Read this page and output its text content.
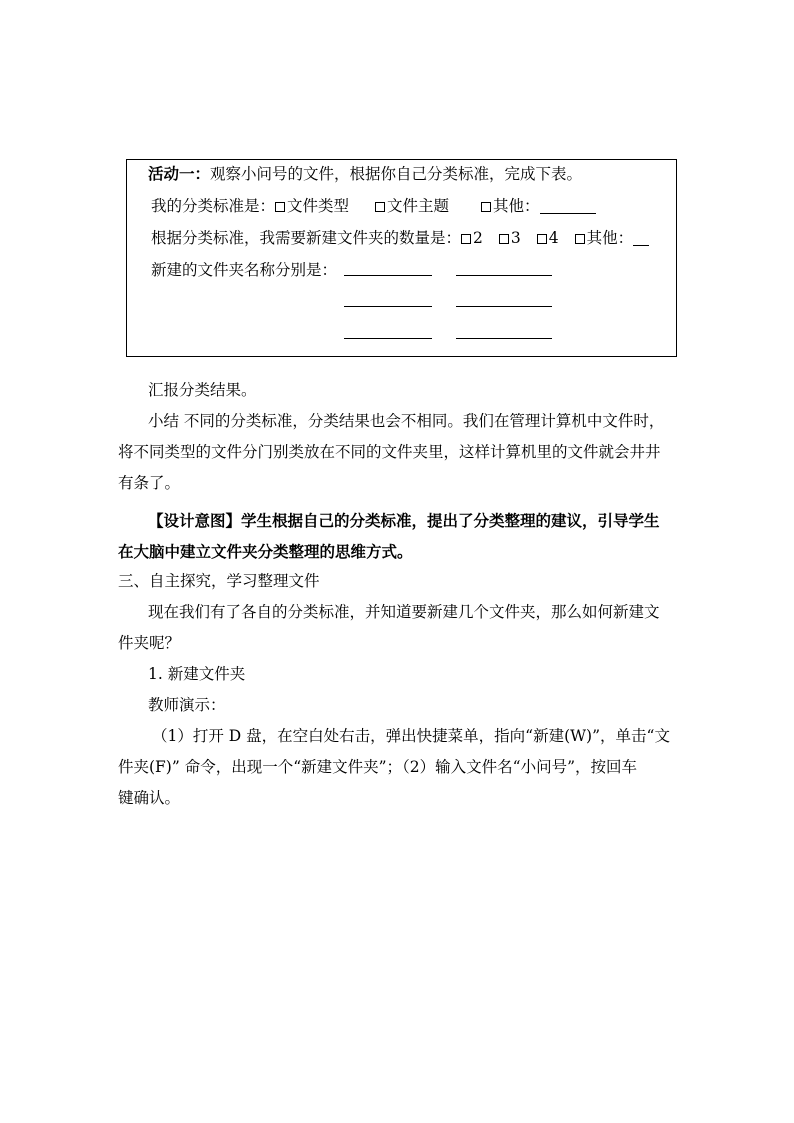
活动一：观察小问号的文件，根据你自己分类标准，完成下表。
我的分类标准是： 文件类型 文件主题	其他：
根据分类标准，我需要新建文件夹的数量是： 2 3 4 其他：
新建的文件夹名称分别是：
汇报分类结果。
小结 不同的分类标准，分类结果也会不相同。我们在管理计算机中文件时，
将不同类型的文件分门别类放在不同的文件夹里，这样计算机里的文件就会井井
有条了。
【设计意图】学生根据自己的分类标准，提出了分类整理的建议，引导学生
在大脑中建立文件夹分类整理的思维方式。
三、自主探究，学习整理文件
现在我们有了各自的分类标准，并知道要新建几个文件夹，那么如何新建文
件夹呢？
1. 新建文件夹
教师演示：
（1）打开 D 盘，在空白处右击，弹出快捷菜单，指向“新建(W)”，单击“文
件夹(F)” 命令，出现一个“新建文件夹”；（2）输入文件名“小问号”，按回车
键确认。
